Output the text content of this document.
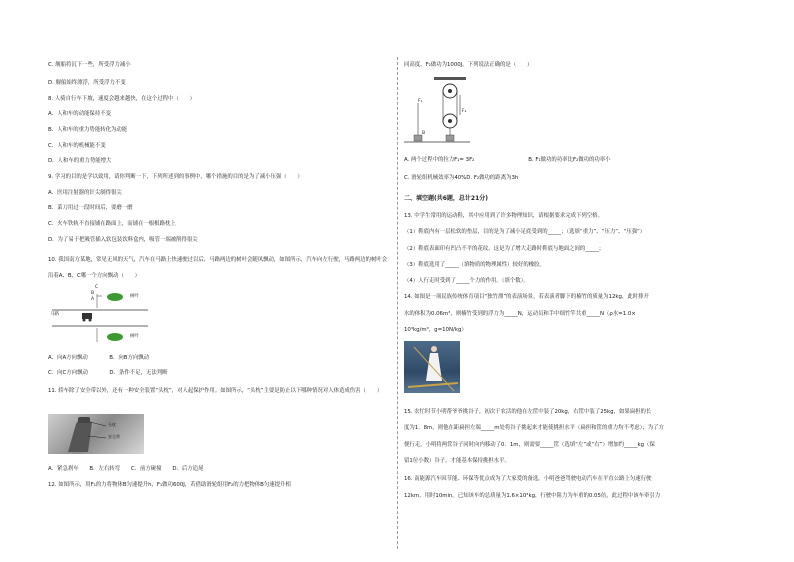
C. 舰船将沉下一些，所受浮力减小
D. 舰船始终漂浮，所受浮力不变
8. 人骑自行车下坡，速度会越来越快，在这个过程中（　　）
A．人和车的动能保持不变
B．人和车的重力势能转化为动能
C．人和车的机械能不变
D．人和车的重力势能增大
9. 学习的目的是学以致用，请你判断一下，下列所述到的事例中，哪个措施的目的是为了减小压强（　　）
A．医用注射器的针尖制得很尖
B．菜刀用过一段时间后，要磨一磨
C．火车铁轨不直接铺在路面上，而铺在一根根路枕上
D．为了易于把吸管插入软包装饮料盒内，吸管一端被削得很尖
10. 我国南方某地，常见无风的天气，汽车在马路上快速驶过以后，马路两边的树叶会随风飘动，如图所示，汽车向左行驶，马路两边的树叶会沿着A、B、C哪一个方向飘动（　　）
C
B
A
树叶
马路
树叶
A．向A方向飘动　　　　B．向B方向飘动
C．向C方向飘动　　　　D．条件不足，无法判断
11. 轿车除了安全带以外，还有一种安全装置“头枕”，对人起保护作用。如图所示，“头枕”主要是防止以下哪种情况对人体造成伤害（　　）
头枕
安全带
A．紧急刹车　　B．左右转弯　　C．前方碰撞　　D．后方追尾
12. 如图所示，用F₁的力将物体B匀速提升h，F₁做功600J，若借助滑轮组用F₂的力把物体B匀速提升相
同高度，F₂做功为1000J。下列说法正确的是（　　）
F₁
F₂
B
A. 两个过程中的拉力F₁= 3F₂　　　　　　　　　　B. F₁做功的功率比F₂做功的功率小
C. 滑轮组机械效率为40%D. F₂做功的距离为3h
二、填空题(共6题，总计21分)
13. 中学生常用的运动鞋，其中应用到了许多物理知识，请根据要求完成下列空格。
（1）鞋底内有一层松软的垫层，目的是为了减小足底受到的_____；（选填“重力”、“压力”、“压强”）
（2）鞋底表面印有凹凸不平的花纹，这是为了增大走路时鞋底与地面之间的_____；
（3）鞋底选用了_____（填物质的物理属性）较好的橡胶。
（4）人行走时受到了_____个力的作用。（填个数）。
14. 如图是一项民族传统体育项目“独竹漂”的表演场景，若表演者脚下的楠竹的质量为12kg，此时排开
水的体积为0.06m³，则楠竹受到的浮力为_____N，运动员和手中细竹竿共重_____N（ρ水=1.0×
10³kg/m³，g=10N/kg）
15. 农忙时节小明帮爷爷挑谷子，初次干农活的他在左筐中装了20kg，右筐中装了25kg，如果扁担的长
度为1．8m，则他在距扁担左端_____m处将谷子挑起来才能使挑担水平（扁担和筐的重力均不考虑）；为了方
便行走，小明将两筐谷子同时向内移动了0．1m，则需要_____筐（选填“左”或“右”）增加约_____kg（保
留1位小数）谷子，才能基本保持挑担水平。
16. 南能源汽车因节能、环保等优点成为了大家爱的备选。小明爸爸驾驶电动汽车在平直公路上匀速行驶
12km，用时10min。已知该车的总质量为1.6×10³kg，行驶中阻力为车重的0.05倍，此过程中该车牵引力
